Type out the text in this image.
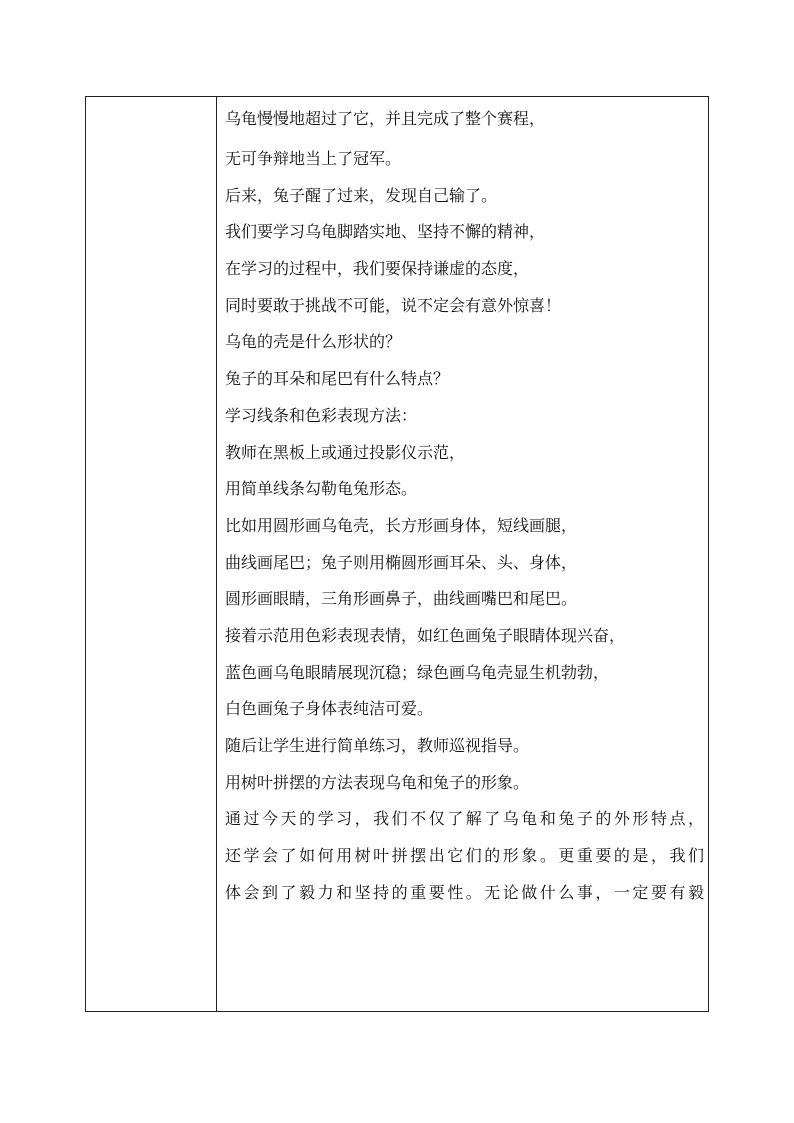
乌龟慢慢地超过了它，并且完成了整个赛程，
无可争辩地当上了冠军。
后来，兔子醒了过来，发现自己输了。
我们要学习乌龟脚踏实地、坚持不懈的精神，
在学习的过程中，我们要保持谦虚的态度，
同时要敢于挑战不可能，说不定会有意外惊喜！
乌龟的壳是什么形状的？
兔子的耳朵和尾巴有什么特点？
学习线条和色彩表现方法：
教师在黑板上或通过投影仪示范，
用简单线条勾勒龟兔形态。
比如用圆形画乌龟壳，长方形画身体，短线画腿，
曲线画尾巴；兔子则用椭圆形画耳朵、头、身体，
圆形画眼睛，三角形画鼻子，曲线画嘴巴和尾巴。
接着示范用色彩表现表情，如红色画兔子眼睛体现兴奋，
蓝色画乌龟眼睛展现沉稳；绿色画乌龟壳显生机勃勃，
白色画兔子身体表纯洁可爱。
随后让学生进行简单练习，教师巡视指导。
用树叶拼摆的方法表现乌龟和兔子的形象。
通过今天的学习，我们不仅了解了乌龟和兔子的外形特点，
还学会了如何用树叶拼摆出它们的形象。更重要的是，我们
体会到了毅力和坚持的重要性。无论做什么事，一定要有毅
